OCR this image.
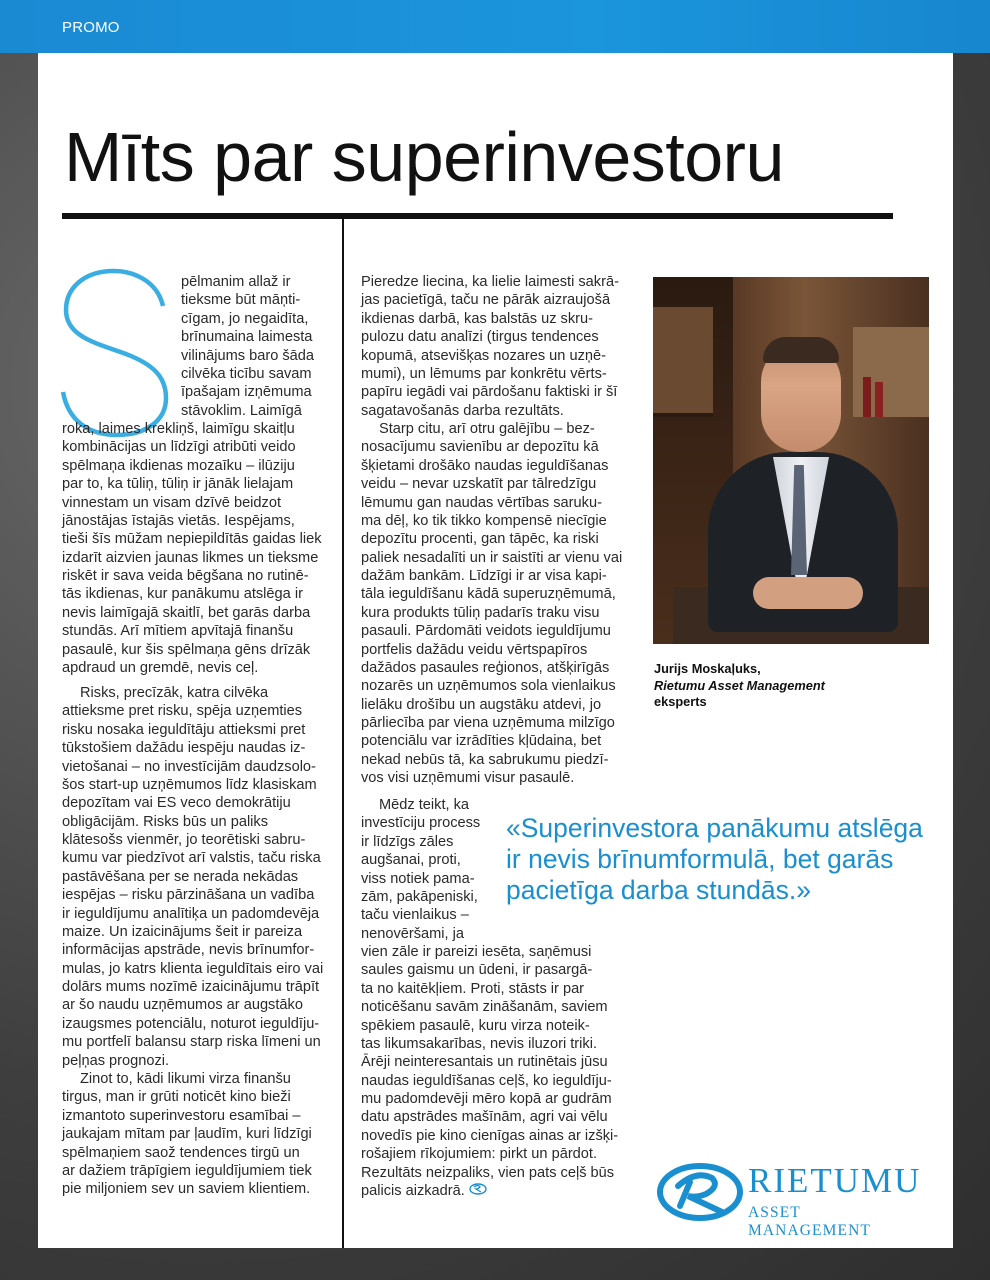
PROMO
Mīts par superinvestoru
pēlmanim allaž ir
tieksme būt māņti-
cīgam, jo negaidīta,
brīnumaina laimesta
vilinājums baro šāda
cilvēka ticību savam
īpašajam izņēmuma
stāvoklim. Laimīgā
roka, laimes krekliņš, laimīgu skaitļu
kombinācijas un līdzīgi atribūti veido
spēlmaņa ikdienas mozaīku – ilūziju
par to, ka tūliņ, tūliņ ir jānāk lielajam
vinnestam un visam dzīvē beidzot
jānostājas īstajās vietās. Iespējams,
tieši šīs mūžam nepiepildītās gaidas liek
izdarīt aizvien jaunas likmes un tieksme
riskēt ir sava veida bēgšana no rutinē-
tās ikdienas, kur panākumu atslēga ir
nevis laimīgajā skaitlī, bet garās darba
stundās. Arī mītiem apvītajā finanšu
pasaulē, kur šis spēlmaņa gēns drīzāk
apdraud un gremdē, nevis ceļ.
Risks, precīzāk, katra cilvēka
attieksme pret risku, spēja uzņemties
risku nosaka ieguldītāju attieksmi pret
tūkstošiem dažādu iespēju naudas iz-
vietošanai – no investīcijām daudzsolo-
šos start-up uzņēmumos līdz klasiskam
depozītam vai ES veco demokrātiju
obligācijām. Risks būs un paliks
klātesošs vienmēr, jo teorētiski sabru-
kumu var piedzīvot arī valstis, taču riska
pastāvēšana per se nerada nekādas
iespējas – risku pārzināšana un vadība
ir ieguldījumu analītiķa un padomdevēja
maize. Un izaicinājums šeit ir pareiza
informācijas apstrāde, nevis brīnumfor-
mulas, jo katrs klienta ieguldītais eiro vai
dolārs mums nozīmē izaicinājumu trāpīt
ar šo naudu uzņēmumos ar augstāko
izaugsmes potenciālu, noturot ieguldīju-
mu portfelī balansu starp riska līmeni un
peļņas prognozi.
Zinot to, kādi likumi virza finanšu
tirgus, man ir grūti noticēt kino bieži
izmantoto superinvestoru esamībai –
jaukajam mītam par ļaudīm, kuri līdzīgi
spēlmaņiem saož tendences tirgū un
ar dažiem trāpīgiem ieguldījumiem tiek
pie miljoniem sev un saviem klientiem.
Pieredze liecina, ka lielie laimesti sakrā-
jas pacietīgā, taču ne pārāk aizraujošā
ikdienas darbā, kas balstās uz skru-
pulozu datu analīzi (tirgus tendences
kopumā, atsevišķas nozares un uzņē-
mumi), un lēmums par konkrētu vērts-
papīru iegādi vai pārdošanu faktiski ir šī
sagatavošanās darba rezultāts.
Starp citu, arī otru galējību – bez-
nosacījumu savienību ar depozītu kā
šķietami drošāko naudas ieguldīšanas
veidu – nevar uzskatīt par tālredzīgu
lēmumu gan naudas vērtības saruku-
ma dēļ, ko tik tikko kompensē niecīgie
depozītu procenti, gan tāpēc, ka riski
paliek nesadalīti un ir saistīti ar vienu vai
dažām bankām. Līdzīgi ir ar visa kapi-
tāla ieguldīšanu kādā superuzņēmumā,
kura produkts tūliņ padarīs traku visu
pasauli. Pārdomāti veidots ieguldījumu
portfelis dažādu veidu vērtspapīros
dažādos pasaules reģionos, atšķirīgās
nozarēs un uzņēmumos sola vienlaikus
lielāku drošību un augstāku atdevi, jo
pārliecība par viena uzņēmuma milzīgo
potenciālu var izrādīties kļūdaina, bet
nekad nebūs tā, ka sabrukumu piedzī-
vos visi uzņēmumi visur pasaulē.
Mēdz teikt, ka
investīciju process
ir līdzīgs zāles
augšanai, proti,
viss notiek pama-
zām, pakāpeniski,
taču vienlaikus –
nenovēršami, ja
vien zāle ir pareizi iesēta, saņēmusi
saules gaismu un ūdeni, ir pasargā-
ta no kaitēkļiem. Proti, stāsts ir par
noticēšanu savām zināšanām, saviem
spēkiem pasaulē, kuru virza noteik-
tas likumsakarības, nevis iluzori triki.
Ārēji neinteresantais un rutinētais jūsu
naudas ieguldīšanas ceļš, ko ieguldīju-
mu padomdevēji mēro kopā ar gudrām
datu apstrādes mašīnām, agri vai vēlu
novedīs pie kino cienīgas ainas ar izšķi-
rošajiem rīkojumiem: pirkt un pārdot.
Rezultāts neizpaliks, vien pats ceļš būs
palicis aizkadrā.
Jurijs Moskaļuks,
Rietumu Asset Management
eksperts
«Superinvestora panākumu atslēga
ir nevis brīnumformulā, bet garās
pacietīga darba stundās.»
RIETUMU
ASSET MANAGEMENT
